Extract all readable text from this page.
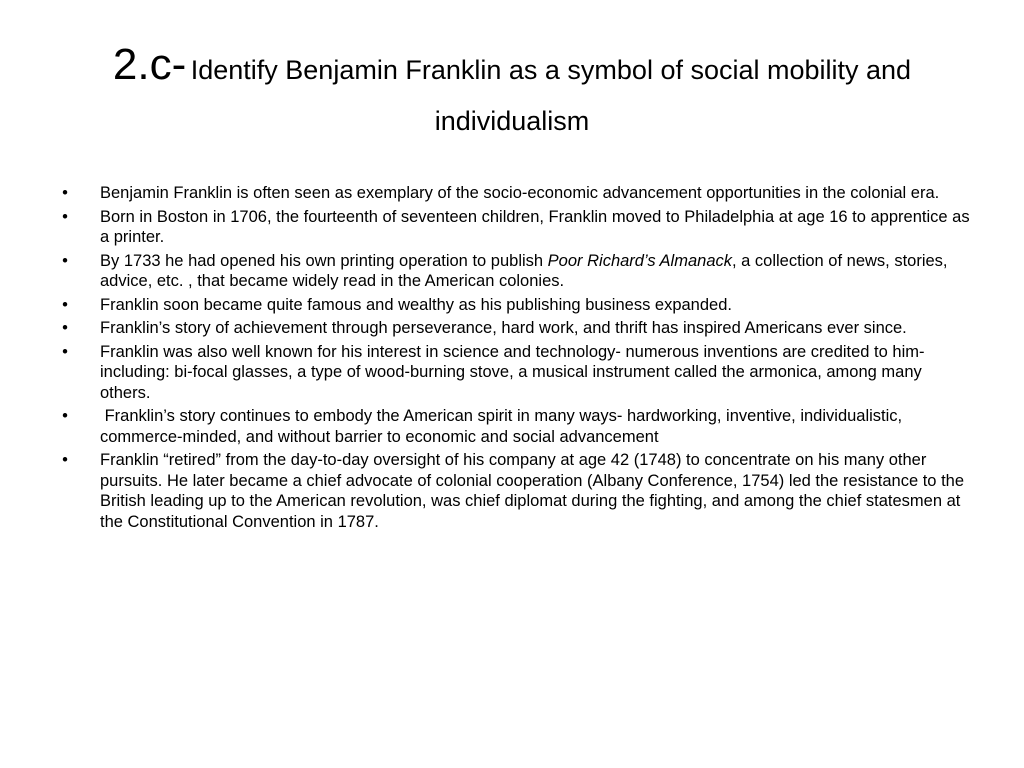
2.c- Identify Benjamin Franklin as a symbol of social mobility and individualism
• Benjamin Franklin is often seen as exemplary of the socio-economic advancement opportunities in the colonial era.
• Born in Boston in 1706, the fourteenth of seventeen children, Franklin moved to Philadelphia at age 16 to apprentice as a printer.
• By 1733 he had opened his own printing operation to publish Poor Richard’s Almanack, a collection of news, stories, advice, etc. , that became widely read in the American colonies.
• Franklin soon became quite famous and wealthy as his publishing business expanded.
• Franklin’s story of achievement through perseverance, hard work, and thrift has inspired Americans ever since.
• Franklin was also well known for his interest in science and technology- numerous inventions are credited to him- including: bi-focal glasses, a type of wood-burning stove, a musical instrument called the armonica, among many others.
• Franklin’s story continues to embody the American spirit in many ways- hardworking, inventive, individualistic, commerce-minded, and without barrier to economic and social advancement
• Franklin “retired” from the day-to-day oversight of his company at age 42 (1748) to concentrate on his many other pursuits. He later became a chief advocate of colonial cooperation (Albany Conference, 1754) led the resistance to the British leading up to the American revolution, was chief diplomat during the fighting, and among the chief statesmen at the Constitutional Convention in 1787.
